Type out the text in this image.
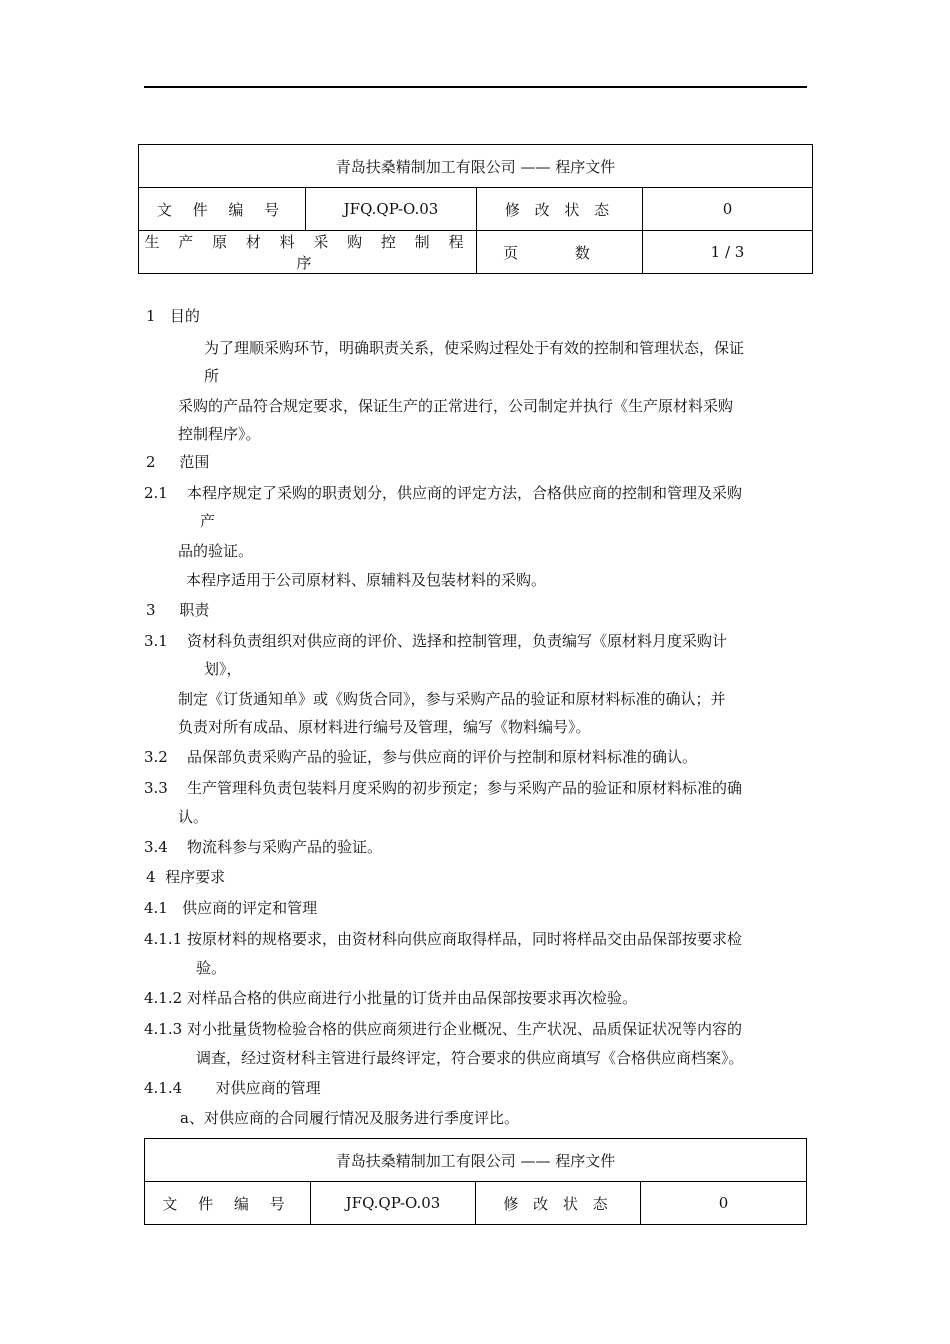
青岛扶桑精制加工有限公司 —— 程序文件			
文 件 编 号	JFQ.QP-O.03	修 改 状 态	0
生 产 原 材 料 采 购 控 制 程 序		页 数	1 / 3
1 目的
为了理顺采购环节，明确职责关系，使采购过程处于有效的控制和管理状态，保证
所
采购的产品符合规定要求，保证生产的正常进行，公司制定并执行《生产原材料采购
控制程序》。
2 范围
2.1 本程序规定了采购的职责划分，供应商的评定方法，合格供应商的控制和管理及采购
产
品的验证。
本程序适用于公司原材料、原辅料及包装材料的采购。
3 职责
3.1 资材科负责组织对供应商的评价、选择和控制管理，负责编写《原材料月度采购计
划》，
制定《订货通知单》或《购货合同》，参与采购产品的验证和原材料标准的确认；并
负责对所有成品、原材料进行编号及管理，编写《物料编号》。
3.2 品保部负责采购产品的验证，参与供应商的评价与控制和原材料标准的确认。
3.3 生产管理科负责包装料月度采购的初步预定；参与采购产品的验证和原材料标准的确
认。
3.4 物流科参与采购产品的验证。
4 程序要求
4.1 供应商的评定和管理
4.1.1 按原材料的规格要求，由资材科向供应商取得样品，同时将样品交由品保部按要求检
验。
4.1.2 对样品合格的供应商进行小批量的订货并由品保部按要求再次检验。
4.1.3 对小批量货物检验合格的供应商须进行企业概况、生产状况、品质保证状况等内容的
调查，经过资材科主管进行最终评定，符合要求的供应商填写《合格供应商档案》。
4.1.4 对供应商的管理
a、对供应商的合同履行情况及服务进行季度评比。
青岛扶桑精制加工有限公司 —— 程序文件
文 件 编 号	JFQ.QP-O.03	修 改 状 态	0
